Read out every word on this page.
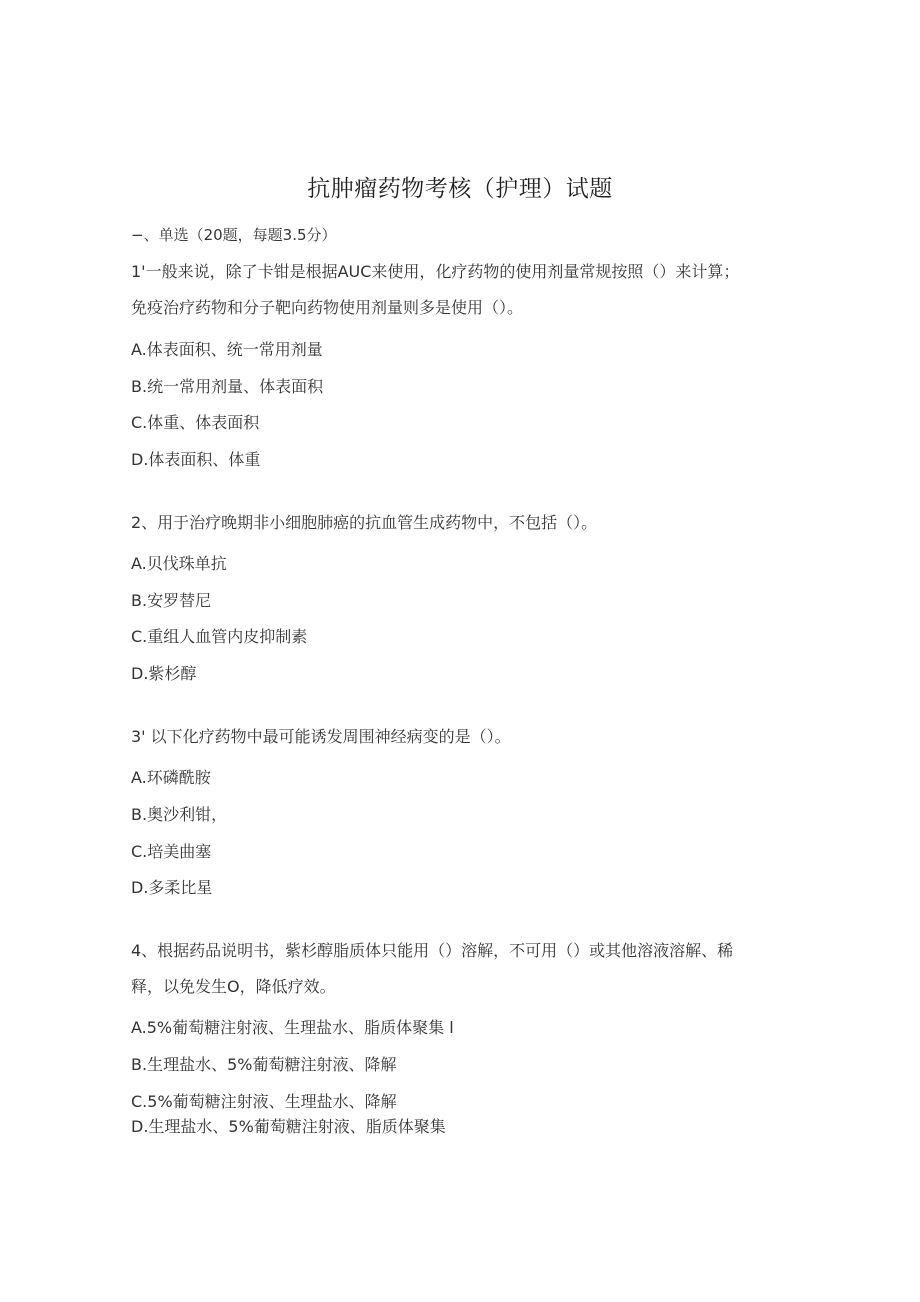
抗肿瘤药物考核（护理）试题
−、单选（20题，每题3.5分）
1'一般来说，除了卡钳是根据AUC来使用，化疗药物的使用剂量常规按照（）来计算；
免疫治疗药物和分子靶向药物使用剂量则多是使用（）。
A.体表面积、统一常用剂量
B.统一常用剂量、体表面积
C.体重、体表面积
D.体表面积、体重
2、用于治疗晚期非小细胞肺癌的抗血管生成药物中，不包括（）。
A.贝伐珠单抗
B.安罗替尼
C.重组人血管内皮抑制素
D.紫杉醇
3' 以下化疗药物中最可能诱发周围神经病变的是（）。
A.环磷酰胺
B.奥沙利钳，
C.培美曲塞
D.多柔比星
4、根据药品说明书，紫杉醇脂质体只能用（）溶解，不可用（）或其他溶液溶解、稀
释，以免发生O，降低疗效。
A.5%葡萄糖注射液、生理盐水、脂质体聚集 l
B.生理盐水、5%葡萄糖注射液、降解
C.5%葡萄糖注射液、生理盐水、降解
D.生理盐水、5%葡萄糖注射液、脂质体聚集
